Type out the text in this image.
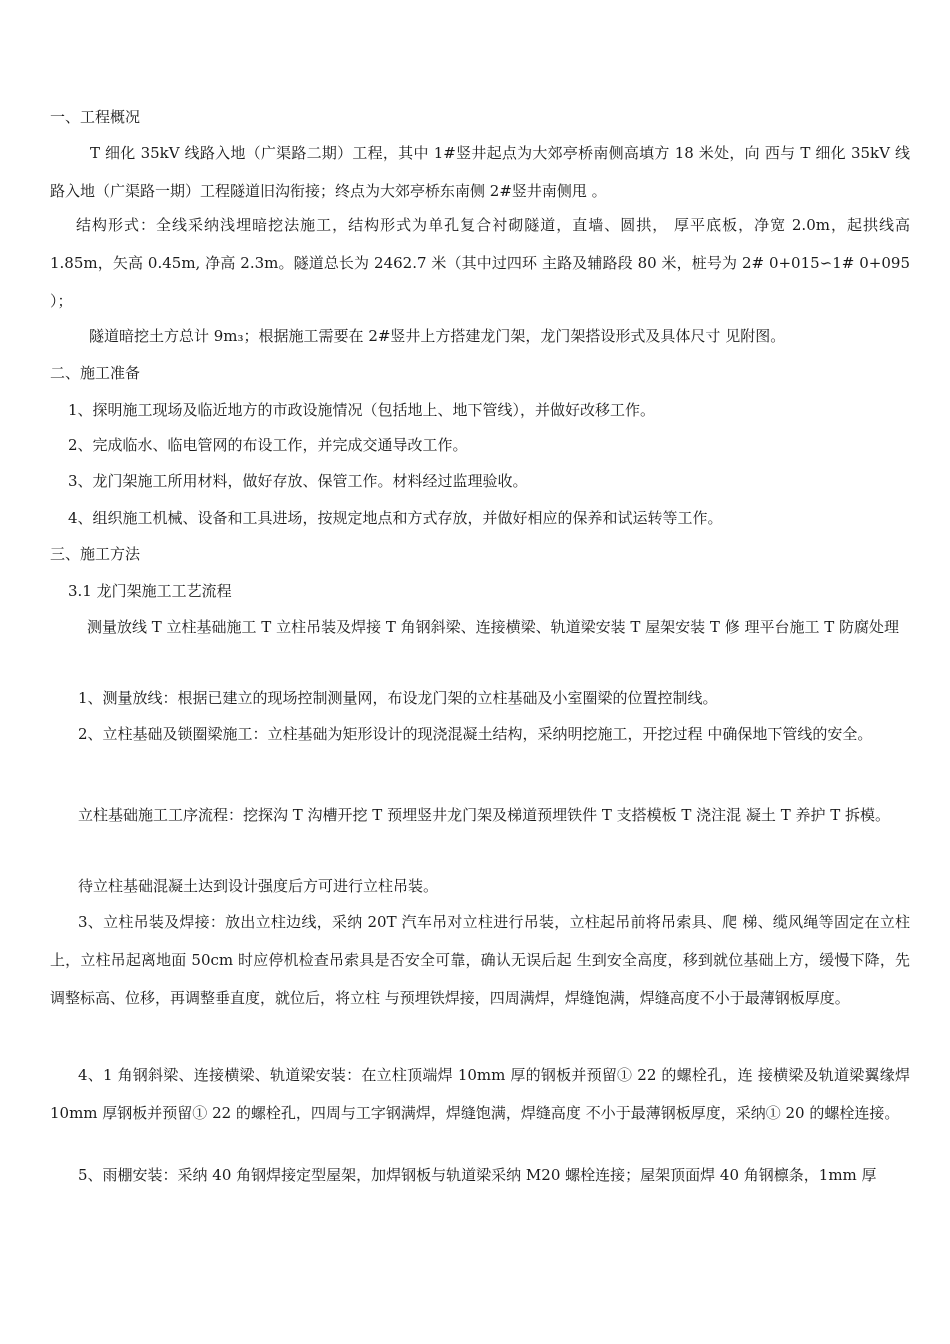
一、工程概况
T 细化 35kV 线路入地（广渠路二期）工程，其中 1#竖井起点为大郊亭桥南侧高填方 18 米处，向 西与 T 细化 35kV 线路入地（广渠路一期）工程隧道旧沟衔接；终点为大郊亭桥东南侧 2#竖井南侧甩 。
结构形式：全线采纳浅埋暗挖法施工，结构形式为单孔复合衬砌隧道，直墙、圆拱， 厚平底板，净宽 2.0m，起拱线高 1.85m，矢高 0.45m, 净高 2.3m。隧道总长为 2462.7 米（其中过四环 主路及辅路段 80 米，桩号为 2# 0+015∽1# 0+095 ）；
隧道暗挖土方总计 9m₃；根据施工需要在 2#竖井上方搭建龙门架，龙门架搭设形式及具体尺寸 见附图。
二、施工准备
1、探明施工现场及临近地方的市政设施情况（包括地上、地下管线），并做好改移工作。
2、完成临水、临电管网的布设工作，并完成交通导改工作。
3、龙门架施工所用材料，做好存放、保管工作。材料经过监理验收。
4、组织施工机械、设备和工具进场，按规定地点和方式存放，并做好相应的保养和试运转等工作。
三、施工方法
3.1 龙门架施工工艺流程
测量放线 T 立柱基础施工 T 立柱吊装及焊接 T 角钢斜梁、连接横梁、轨道梁安装 T 屋架安装 T 修 理平台施工 T 防腐处理
1、测量放线：根据已建立的现场控制测量网，布设龙门架的立柱基础及小室圈梁的位置控制线。
2、立柱基础及锁圈梁施工：立柱基础为矩形设计的现浇混凝土结构，采纳明挖施工，开挖过程 中确保地下管线的安全。
立柱基础施工工序流程：挖探沟 T 沟槽开挖 T 预埋竖井龙门架及梯道预埋铁件 T 支搭模板 T 浇注混 凝土 T 养护 T 拆模。
待立柱基础混凝土达到设计强度后方可进行立柱吊装。
3、立柱吊装及焊接：放出立柱边线，采纳 20T 汽车吊对立柱进行吊装，立柱起吊前将吊索具、爬 梯、缆风绳等固定在立柱上，立柱吊起离地面 50cm 时应停机检查吊索具是否安全可靠，确认无误后起 生到安全高度，移到就位基础上方，缓慢下降，先调整标高、位移，再调整垂直度，就位后，将立柱 与预埋铁焊接，四周满焊，焊缝饱满，焊缝高度不小于最薄钢板厚度。
4、1 角钢斜梁、连接横梁、轨道梁安装：在立柱顶端焊 10mm 厚的钢板并预留① 22 的螺栓孔，连 接横梁及轨道梁翼缘焊 10mm 厚钢板并预留① 22 的螺栓孔，四周与工字钢满焊，焊缝饱满，焊缝高度 不小于最薄钢板厚度，采纳① 20 的螺栓连接。
5、雨棚安装：采纳 40 角钢焊接定型屋架，加焊钢板与轨道梁采纳 M20 螺栓连接；屋架顶面焊 40 角钢檩条，1mm 厚
